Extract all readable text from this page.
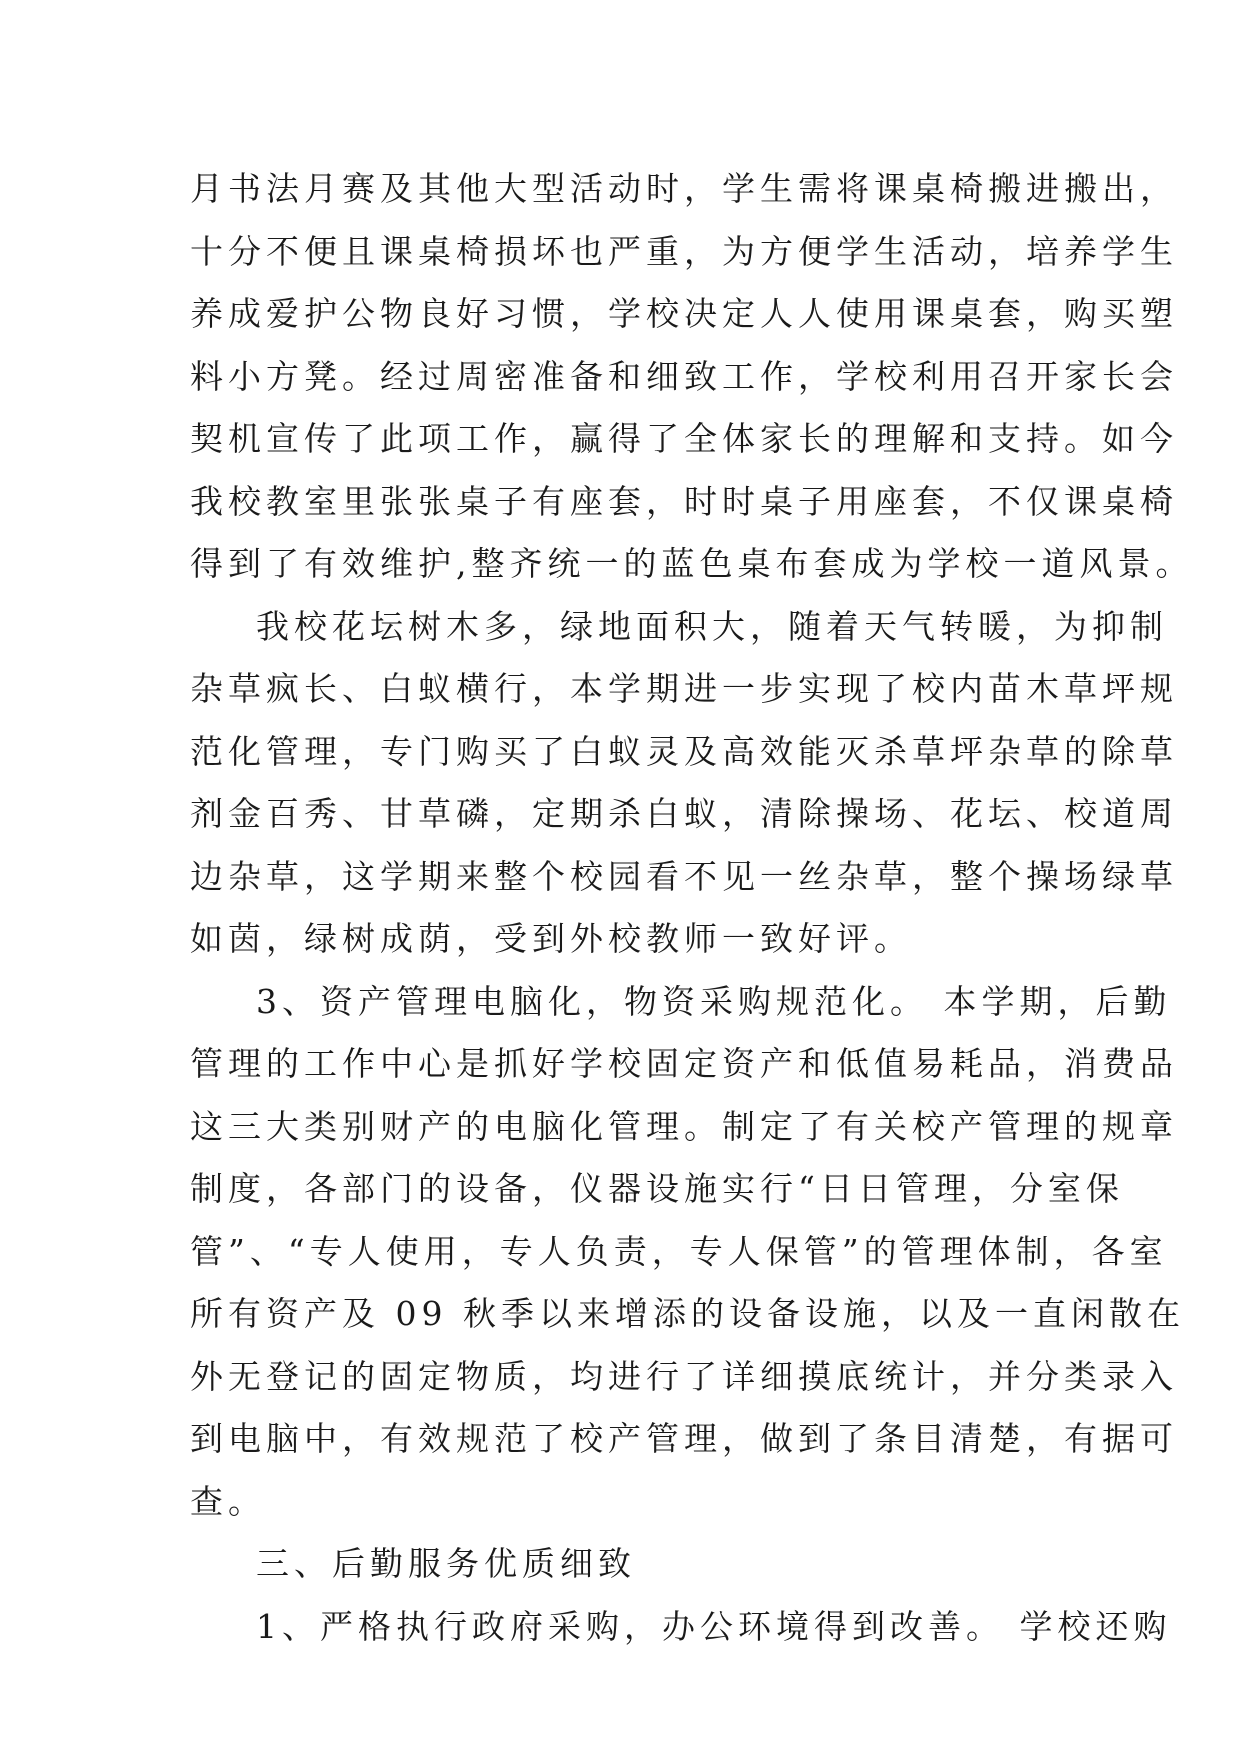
月书法月赛及其他大型活动时，学生需将课桌椅搬进搬出，
十分不便且课桌椅损坏也严重，为方便学生活动，培养学生
养成爱护公物良好习惯，学校决定人人使用课桌套，购买塑
料小方凳。经过周密准备和细致工作，学校利用召开家长会
契机宣传了此项工作，赢得了全体家长的理解和支持。如今
我校教室里张张桌子有座套，时时桌子用座套，不仅课桌椅
得到了有效维护,整齐统一的蓝色桌布套成为学校一道风景。
我校花坛树木多，绿地面积大，随着天气转暖，为抑制
杂草疯长、白蚁横行，本学期进一步实现了校内苗木草坪规
范化管理，专门购买了白蚁灵及高效能灭杀草坪杂草的除草
剂金百秀、甘草磷，定期杀白蚁，清除操场、花坛、校道周
边杂草，这学期来整个校园看不见一丝杂草，整个操场绿草
如茵，绿树成荫，受到外校教师一致好评。
3、资产管理电脑化，物资采购规范化。 本学期，后勤
管理的工作中心是抓好学校固定资产和低值易耗品，消费品
这三大类别财产的电脑化管理。制定了有关校产管理的规章
制度，各部门的设备，仪器设施实行“日日管理，分室保
管”、“专人使用，专人负责，专人保管”的管理体制，各室
所有资产及 09 秋季以来增添的设备设施，以及一直闲散在
外无登记的固定物质，均进行了详细摸底统计，并分类录入
到电脑中，有效规范了校产管理，做到了条目清楚，有据可
查。
三、后勤服务优质细致
1、严格执行政府采购，办公环境得到改善。 学校还购
